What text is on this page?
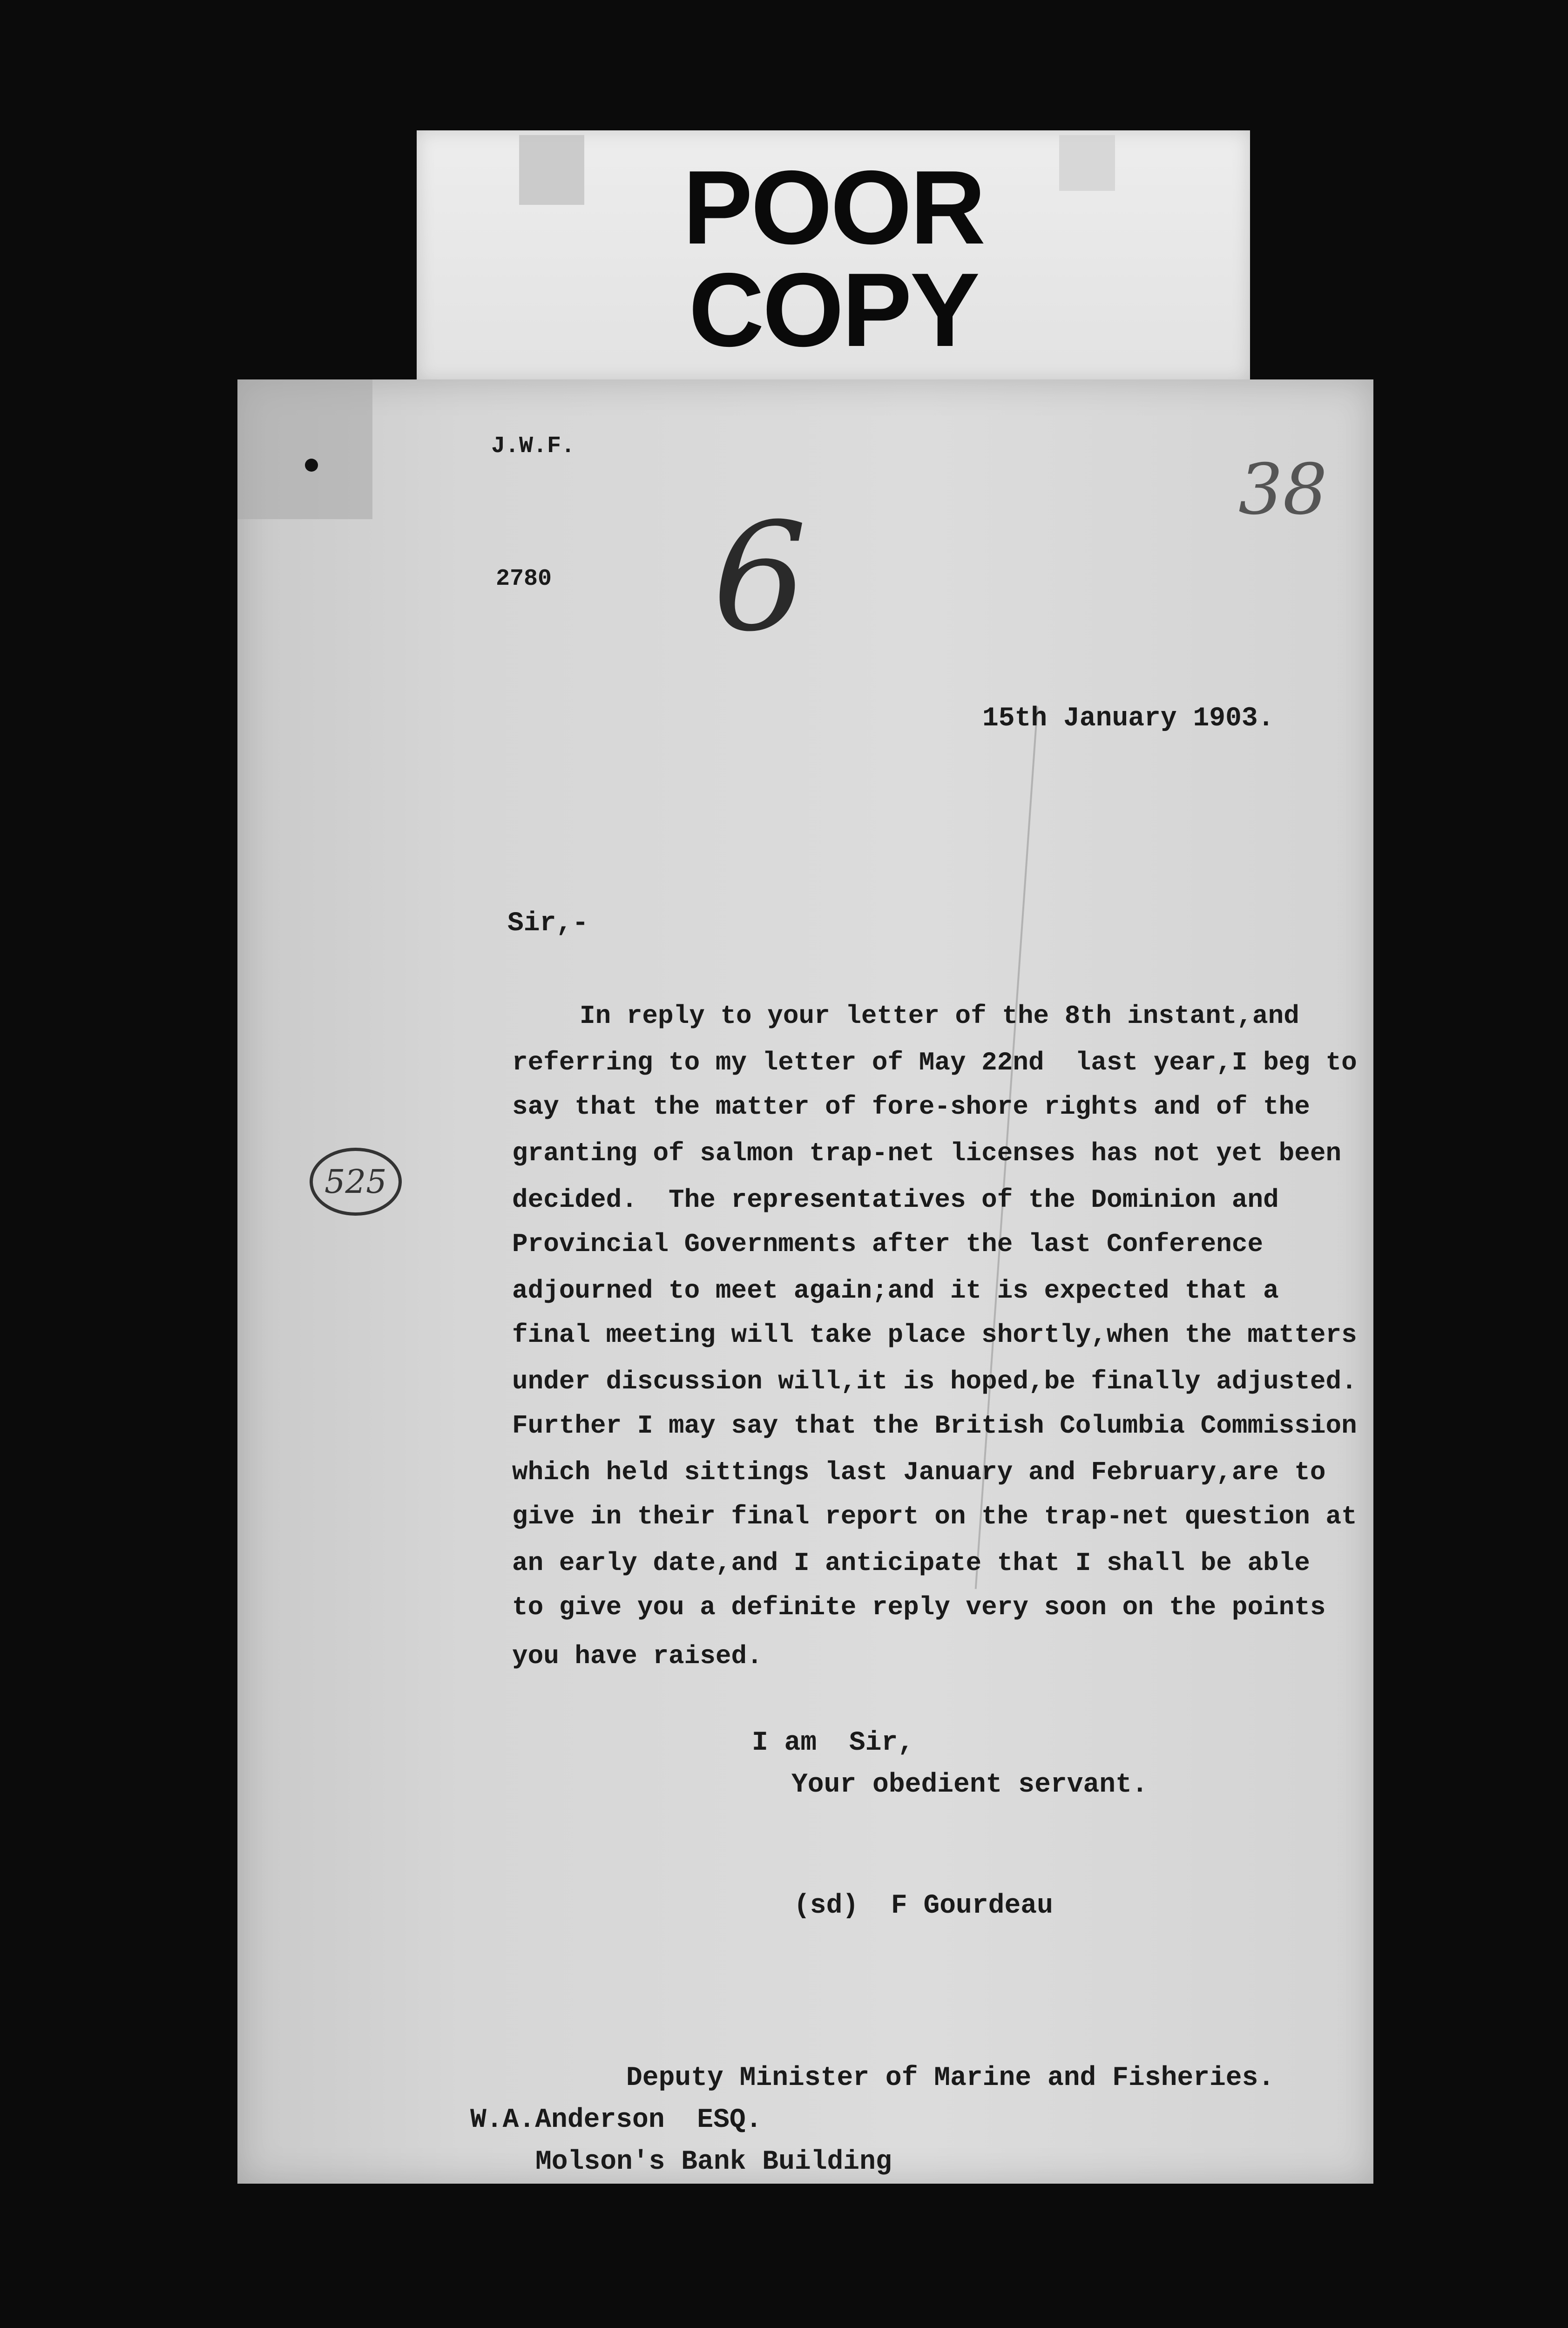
POOR
COPY
J.W.F.
2780
38
6
525
15th January 1903.
Sir,-
In reply to your letter of the 8th instant,and
referring to my letter of May 22nd  last year,I beg to
say that the matter of fore-shore rights and of the
granting of salmon trap-net licenses has not yet been
decided.  The representatives of the Dominion and
Provincial Governments after the last Conference
adjourned to meet again;and it is expected that a
final meeting will take place shortly,when the matters
under discussion will,it is hoped,be finally adjusted.
Further I may say that the British Columbia Commission
which held sittings last January and February,are to
give in their final report on the trap-net question at
an early date,and I anticipate that I shall be able
to give you a definite reply very soon on the points
you have raised.
I am  Sir,
Your obedient servant.
(sd)  F Gourdeau
Deputy Minister of Marine and Fisheries.
W.A.Anderson  ESQ.
Molson's Bank Building
